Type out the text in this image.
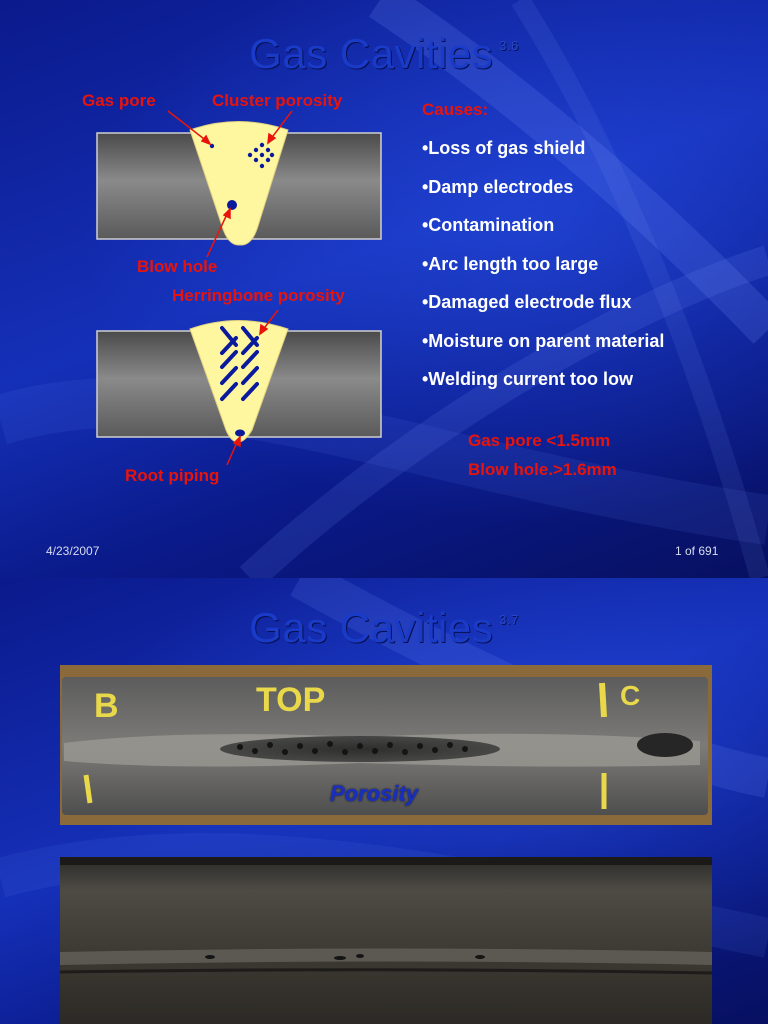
Gas Cavities $^{3.6}$
Gas pore	Cluster porosity
Blow hole
Herringbone porosity
Root piping
Causes:
•Loss of gas shield
•Damp electrodes
•Contamination
•Arc length too large
•Damaged electrode flux
•Moisture on parent material
•Welding current too low
Gas pore <1.5mm
Blow hole.>1.6mm
4/23/2007	1 of 691
Gas Cavities $^{3.7}$
B	TOP	C
Porosity
